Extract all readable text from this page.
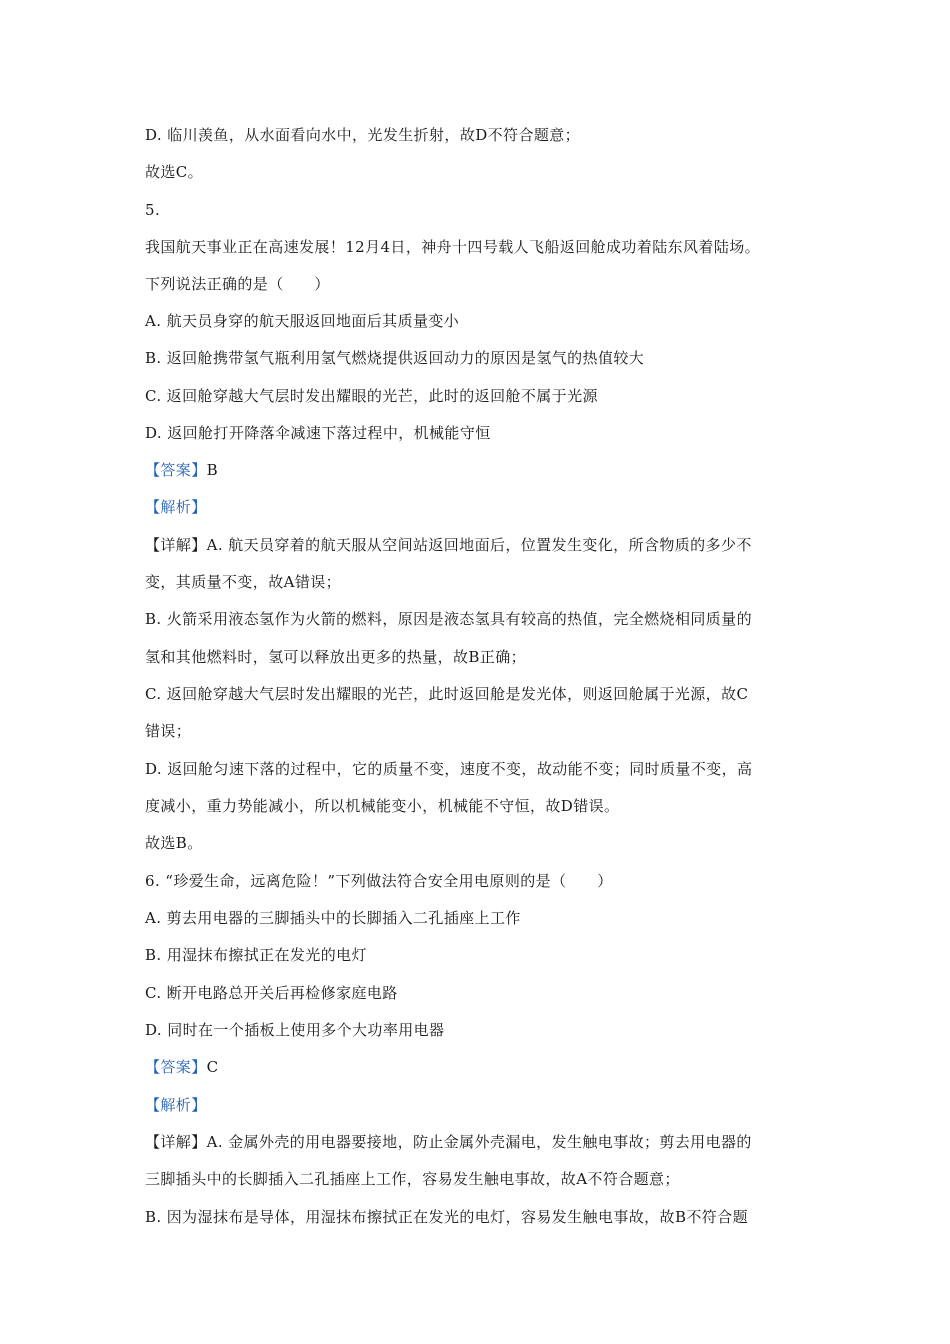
D. 临川羡鱼，从水面看向水中，光发生折射，故D不符合题意；
故选C。
5.
我国航天事业正在高速发展！12月4日，神舟十四号载人飞船返回舱成功着陆东风着陆场。
下列说法正确的是（　　）
A. 航天员身穿的航天服返回地面后其质量变小
B. 返回舱携带氢气瓶利用氢气燃烧提供返回动力的原因是氢气的热值较大
C. 返回舱穿越大气层时发出耀眼的光芒，此时的返回舱不属于光源
D. 返回舱打开降落伞减速下落过程中，机械能守恒
【答案】B
【解析】
【详解】A. 航天员穿着的航天服从空间站返回地面后，位置发生变化，所含物质的多少不
变，其质量不变，故A错误；
B. 火箭采用液态氢作为火箭的燃料，原因是液态氢具有较高的热值，完全燃烧相同质量的
氢和其他燃料时，氢可以释放出更多的热量，故B正确；
C. 返回舱穿越大气层时发出耀眼的光芒，此时返回舱是发光体，则返回舱属于光源，故C
错误；
D. 返回舱匀速下落的过程中，它的质量不变，速度不变，故动能不变；同时质量不变，高
度减小，重力势能减小，所以机械能变小，机械能不守恒，故D错误。
故选B。
6. “珍爱生命，远离危险！”下列做法符合安全用电原则的是（　　）
A. 剪去用电器的三脚插头中的长脚插入二孔插座上工作
B. 用湿抹布擦拭正在发光的电灯
C. 断开电路总开关后再检修家庭电路
D. 同时在一个插板上使用多个大功率用电器
【答案】C
【解析】
【详解】A. 金属外壳的用电器要接地，防止金属外壳漏电，发生触电事故；剪去用电器的
三脚插头中的长脚插入二孔插座上工作，容易发生触电事故，故A不符合题意；
B. 因为湿抹布是导体，用湿抹布擦拭正在发光的电灯，容易发生触电事故，故B不符合题
